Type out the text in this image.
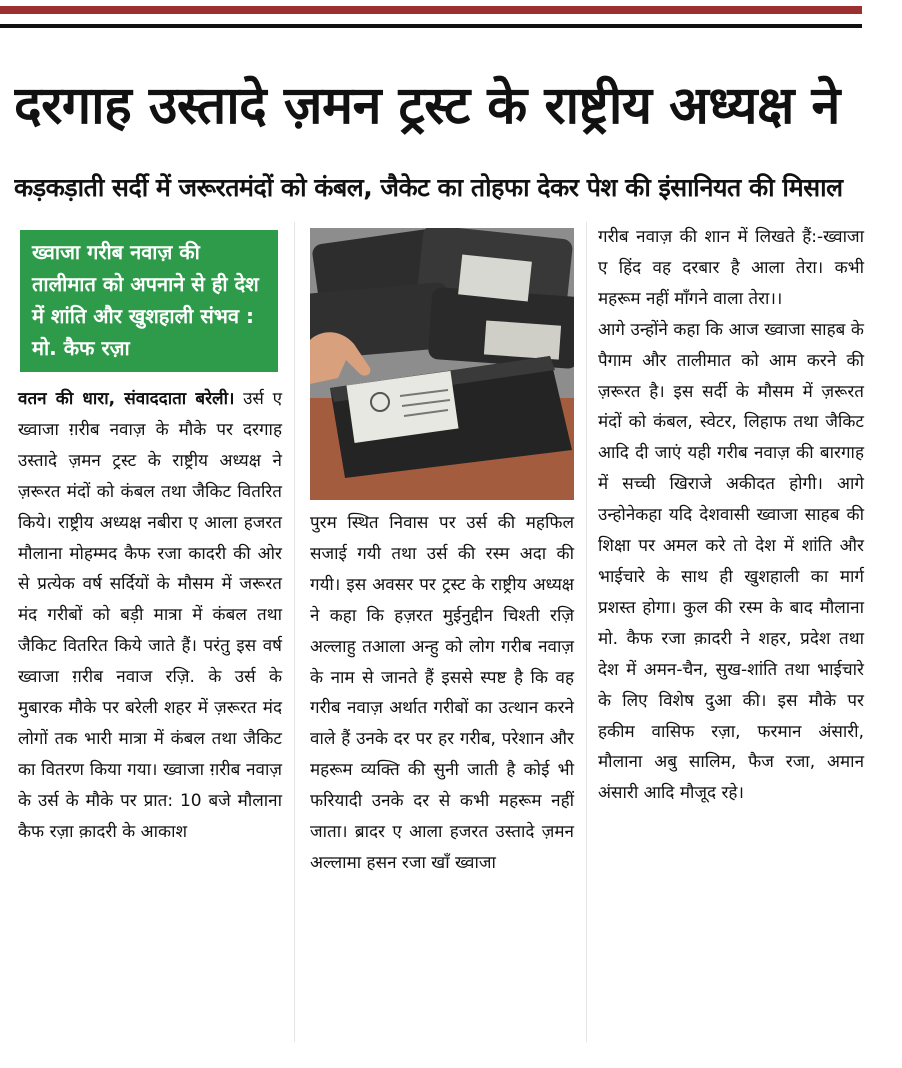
दरगाह उस्तादे ज़मन ट्रस्ट के राष्ट्रीय अध्यक्ष ने
कड़कड़ाती सर्दी में जरूरतमंदों को कंबल, जैकेट का तोहफा देकर पेश की इंसानियत की मिसाल
ख्वाजा गरीब नवाज़ की तालीमात को अपनाने से ही देश में शांति और खुशहाली संभव : मो. कैफ रज़ा

वतन की धारा, संवाददाता बरेली। उर्स ए ख्वाजा ग़रीब नवाज़ के मौके पर दरगाह उस्तादे ज़मन ट्रस्ट के राष्ट्रीय अध्यक्ष ने ज़रूरत मंदों को कंबल तथा जैकिट वितरित किये। राष्ट्रीय अध्यक्ष नबीरा ए आला हजरत मौलाना मोहम्मद कैफ रजा कादरी की ओर से प्रत्येक वर्ष सर्दियों के मौसम में जरूरत मंद गरीबों को बड़ी मात्रा में कंबल तथा जैकिट वितरित किये जाते हैं। परंतु इस वर्ष ख्वाजा ग़रीब नवाज रज़ि. के उर्स के मुबारक मौके पर बरेली शहर में ज़रूरत मंद लोगों तक भारी मात्रा में कंबल तथा जैकिट का वितरण किया गया। ख्वाजा ग़रीब नवाज़ के उर्स के मौके पर प्रात: 10 बजे मौलाना कैफ रज़ा क़ादरी के आकाश

पुरम स्थित निवास पर उर्स की महफिल सजाई गयी तथा उर्स की रस्म अदा की गयी। इस अवसर पर ट्रस्ट के राष्ट्रीय अध्यक्ष ने कहा कि हज़रत मुईनुद्दीन चिश्ती रज़ि अल्लाहु तआला अन्हु को लोग गरीब नवाज़ के नाम से जानते हैं इससे स्पष्ट है कि वह गरीब नवाज़ अर्थात गरीबों का उत्थान करने वाले हैं उनके दर पर हर गरीब, परेशान और महरूम व्यक्ति की सुनी जाती है कोई भी फरियादी उनके दर से कभी महरूम नहीं जाता। ब्रादर ए आला हजरत उस्तादे ज़मन अल्लामा हसन रजा खाँ ख्वाजा

गरीब नवाज़ की शान में लिखते हैं:-ख्वाजा ए हिंद वह दरबार है आला तेरा। कभी महरूम नहीं माँगने वाला तेरा।।

आगे उन्होंने कहा कि आज ख्वाजा साहब के पैगाम और तालीमात को आम करने की ज़रूरत है। इस सर्दी के मौसम में ज़रूरत मंदों को कंबल, स्वेटर, लिहाफ तथा जैकिट आदि दी जाएं यही गरीब नवाज़ की बारगाह में सच्ची खिराजे अकीदत होगी। आगे उन्होनेकहा यदि देशवासी ख्वाजा साहब की शिक्षा पर अमल करे तो देश में शांति और भाईचारे के साथ ही खुशहाली का मार्ग प्रशस्त होगा। कुल की रस्म के बाद मौलाना मो. कैफ रजा क़ादरी ने शहर, प्रदेश तथा देश में अमन-चैन, सुख-शांति तथा भाईचारे के लिए विशेष दुआ की। इस मौके पर हकीम वासिफ रज़ा, फरमान अंसारी, मौलाना अबु सालिम, फैज रजा, अमान अंसारी आदि मौजूद रहे।
